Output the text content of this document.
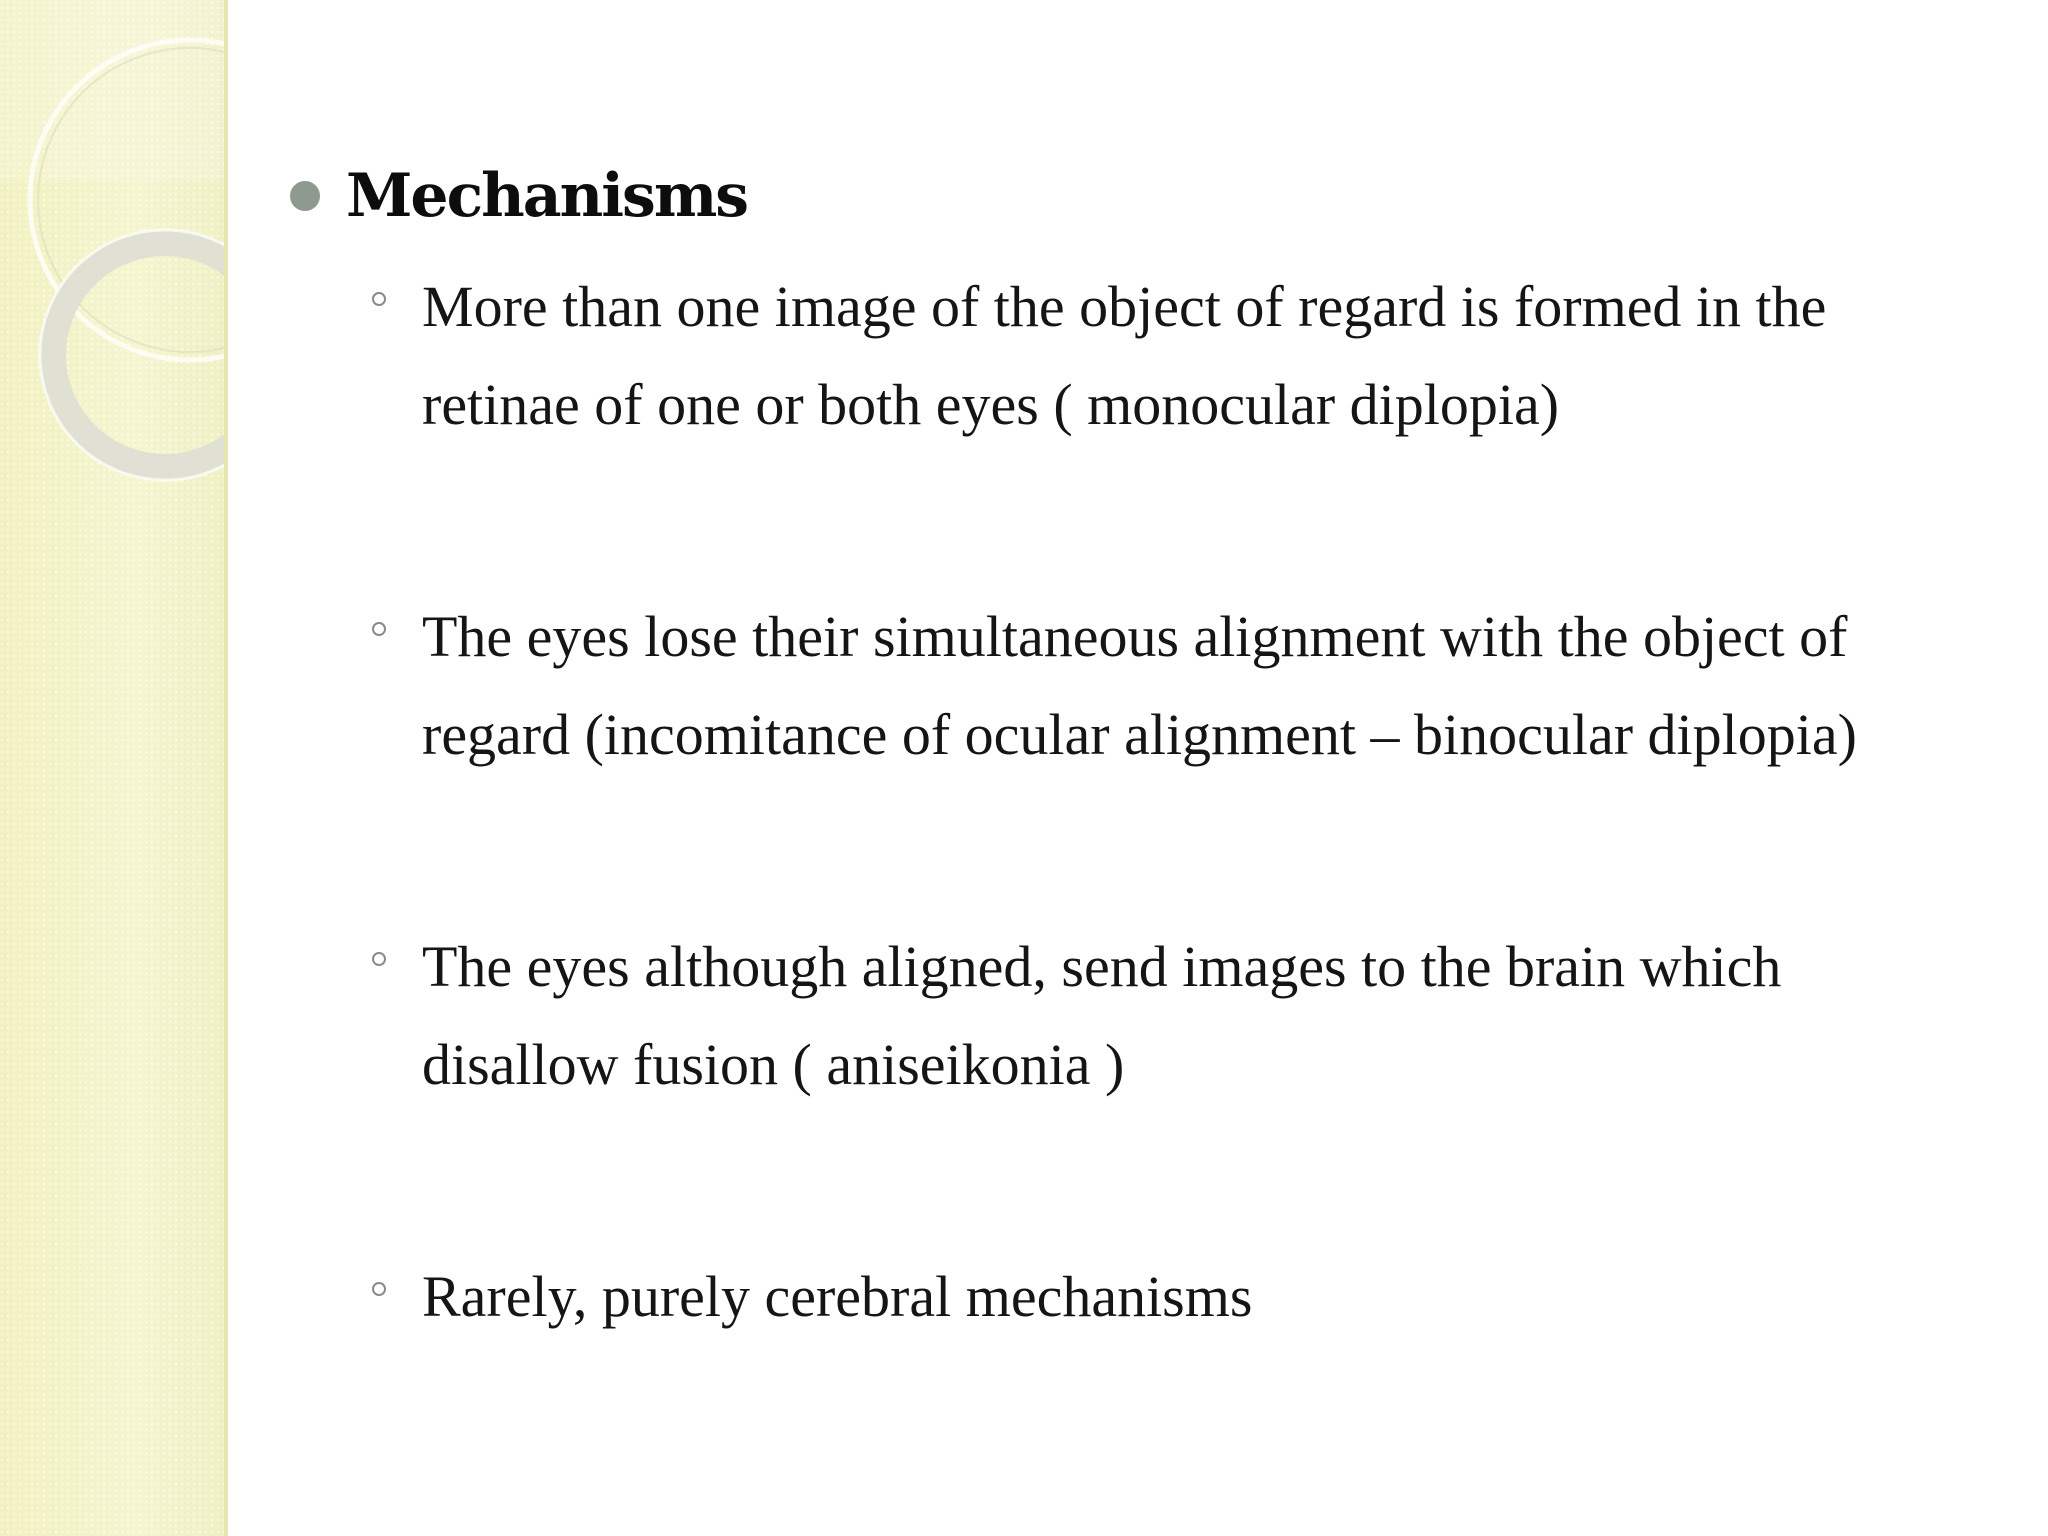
Mechanisms
More than one image of the object of regard is formed in the retinae of one or both eyes ( monocular diplopia)
The eyes lose their simultaneous alignment with the object of regard (incomitance of ocular alignment – binocular diplopia)
The eyes although aligned, send images to the brain which disallow fusion ( aniseikonia )
Rarely, purely cerebral mechanisms
